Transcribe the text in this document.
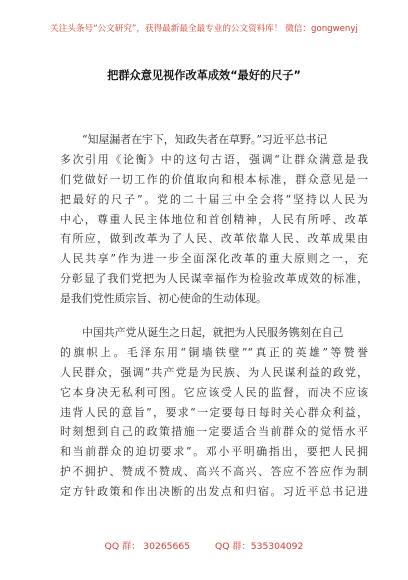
关注头条号“公文研究”，获得最新最全最专业的公文资料库！ 微信：gongwenyj
把群众意见视作改革成效“最好的尺子”
“知屋漏者在宇下，知政失者在草野。”习近平总书记
多次引用《论衡》中的这句古语，强调“让群众满意是我
们党做好一切工作的价值取向和根本标准，群众意见是一
把最好的尺子”。党的二十届三中全会将“坚持以人民为
中心，尊重人民主体地位和首创精神，人民有所呼、改革
有所应，做到改革为了人民、改革依靠人民、改革成果由
人民共享”作为进一步全面深化改革的重大原则之一，充
分彰显了我们党把为人民谋幸福作为检验改革成效的标准，
是我们党性质宗旨、初心使命的生动体现。
中国共产党从诞生之日起，就把为人民服务镌刻在自己
的旗帜上。毛泽东用“铜墙铁壁”“真正的英雄”等赞誉
人民群众，强调“共产党是为民族、为人民谋利益的政党，
它本身决无私利可图。它应该受人民的监督，而决不应该
违背人民的意旨”，要求“一定要每日每时关心群众利益，
时刻想到自己的政策措施一定要适合当前群众的觉悟水平
和当前群众的迫切要求”。邓小平明确指出，要把人民拥
护不拥护、赞成不赞成、高兴不高兴、答应不答应作为制
定方针政策和作出决断的出发点和归宿。习近平总书记进
QQ 群： 30265665	QQ 群：535304092
